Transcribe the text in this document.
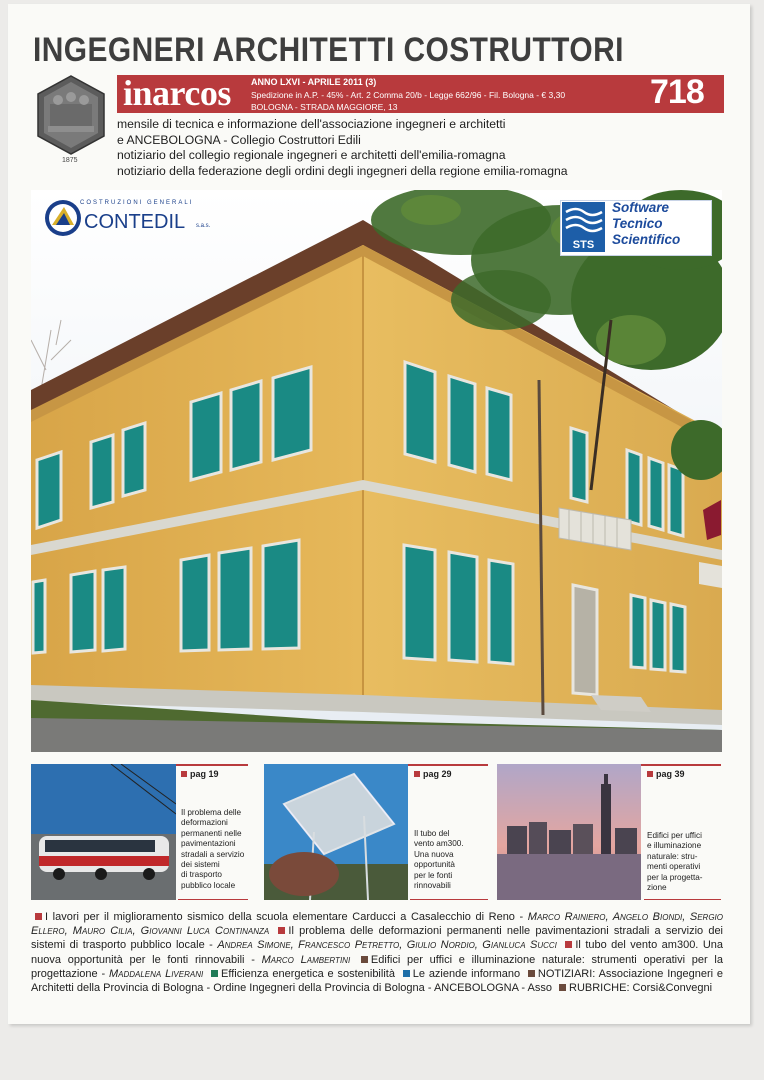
INGEGNERI ARCHITETTI COSTRUTTORI
1875
inarcos ANNO LXVI - APRILE 2011 (3)
Spedizione in A.P. - 45% - Art. 2 Comma 20/b - Legge 662/96 - Fil. Bologna - € 3,30
BOLOGNA - STRADA MAGGIORE, 13	718
mensile di tecnica e informazione dell'associazione ingegneri e architetti
e ANCEBOLOGNA - Collegio Costruttori Edili
notiziario del collegio regionale ingegneri e architetti dell'emilia-romagna
notiziario della federazione degli ordini degli ingegneri della regione emilia-romagna
COSTRUZIONI GENERALI
CONTEDIL s.a.s.
STS
Software
Tecnico
Scientifico
pag 19
Il problema delle
deformazioni
permanenti nelle
pavimentazioni
stradali a servizio
dei sistemi
di trasporto
pubblico locale
pag 29
Il tubo del
vento am300.
Una nuova
opportunità
per le fonti
rinnovabili
pag 39
Edifici per uffici
e illuminazione
naturale: stru-
menti operativi
per la progetta-
zione
I lavori per il miglioramento sismico della scuola elementare Carducci a Casalecchio di Reno - Marco Rainiero, Angelo Biondi, Sergio Ellero, Mauro Cilia, Giovanni Luca Continanza Il problema delle deformazioni permanenti nelle pavimentazioni stradali a servizio dei sistemi di trasporto pubblico locale - Andrea Simone, Francesco Petretto, Giulio Nordio, Gianluca Succi Il tubo del vento am300. Una nuova opportunità per le fonti rinnovabili - Marco Lambertini Edifici per uffici e illuminazione naturale: strumenti operativi per la progettazione - Maddalena Liverani Efficienza energetica e sostenibilità Le aziende informano NOTIZIARI: Associazione Ingegneri e Architetti della Provincia di Bologna - Ordine Ingegneri della Provincia di Bologna - ANCEBOLOGNA - Asso RUBRICHE: Corsi&Convegni
